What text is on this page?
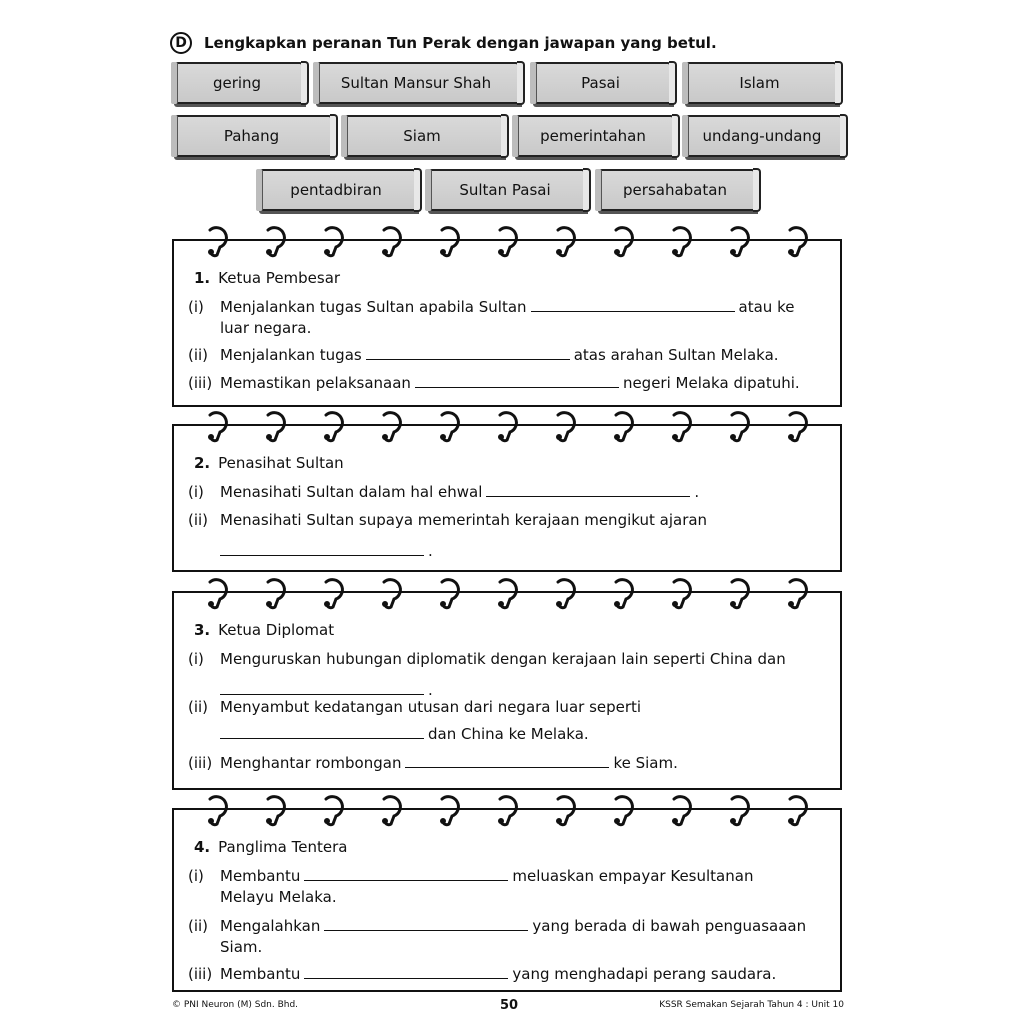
D	Lengkapkan peranan Tun Perak dengan jawapan yang betul.
gering	Sultan Mansur Shah	Pasai	Islam
Pahang	Siam	pemerintahan	undang-undang
pentadbiran	Sultan Pasai	persahabatan
1. Ketua Pembesar
(i)	Menjalankan tugas Sultan apabila Sultan	atau ke
luar negara.
(ii) Menjalankan tugas	atas arahan Sultan Melaka.
(iii) Memastikan pelaksanaan	negeri Melaka dipatuhi.
2. Penasihat Sultan
(i)	Menasihati Sultan dalam hal ehwal	.
(ii) Menasihati Sultan supaya memerintah kerajaan mengikut ajaran
.
3. Ketua Diplomat
(i)	Menguruskan hubungan diplomatik dengan kerajaan lain seperti China dan
.
(ii) Menyambut kedatangan utusan dari negara luar seperti
dan China ke Melaka.
(iii) Menghantar rombongan	ke Siam.
4. Panglima Tentera
(i)	Membantu	meluaskan empayar Kesultanan
Melayu Melaka.
(ii) Mengalahkan	yang berada di bawah penguasaaan
Siam.
(iii) Membantu	yang menghadapi perang saudara.
© PNI Neuron (M) Sdn. Bhd.	50	KSSR Semakan Sejarah Tahun 4 : Unit 10
